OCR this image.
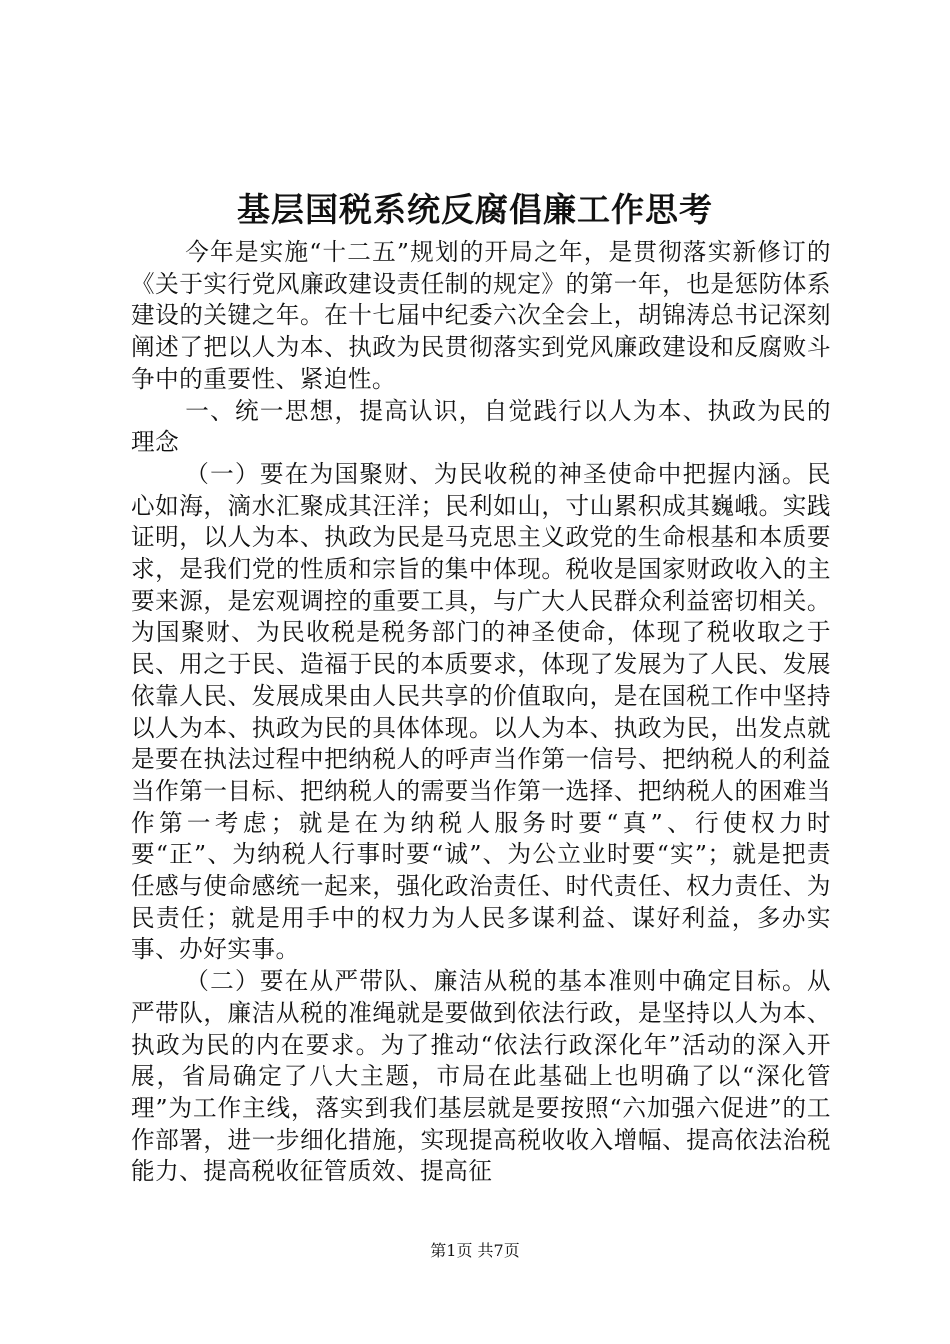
基层国税系统反腐倡廉工作思考

今年是实施“十二五”规划的开局之年，是贯彻落实新修订的《关于实行党风廉政建设责任制的规定》的第一年，也是惩防体系建设的关键之年。在十七届中纪委六次全会上，胡锦涛总书记深刻阐述了把以人为本、执政为民贯彻落实到党风廉政建设和反腐败斗争中的重要性、紧迫性。

一、统一思想，提高认识，自觉践行以人为本、执政为民的理念

（一）要在为国聚财、为民收税的神圣使命中把握内涵。民心如海，滴水汇聚成其汪洋；民利如山，寸山累积成其巍峨。实践证明，以人为本、执政为民是马克思主义政党的生命根基和本质要求，是我们党的性质和宗旨的集中体现。税收是国家财政收入的主要来源，是宏观调控的重要工具，与广大人民群众利益密切相关。为国聚财、为民收税是税务部门的神圣使命，体现了税收取之于民、用之于民、造福于民的本质要求，体现了发展为了人民、发展依靠人民、发展成果由人民共享的价值取向，是在国税工作中坚持以人为本、执政为民的具体体现。以人为本、执政为民，出发点就是要在执法过程中把纳税人的呼声当作第一信号、把纳税人的利益当作第一目标、把纳税人的需要当作第一选择、把纳税人的困难当作第一考虑；就是在为纳税人服务时要“真”、行使权力时要“正”、为纳税人行事时要“诚”、为公立业时要“实”；就是把责任感与使命感统一起来，强化政治责任、时代责任、权力责任、为民责任；就是用手中的权力为人民多谋利益、谋好利益，多办实事、办好实事。

（二）要在从严带队、廉洁从税的基本准则中确定目标。从严带队，廉洁从税的准绳就是要做到依法行政，是坚持以人为本、执政为民的内在要求。为了推动“依法行政深化年”活动的深入开展，省局确定了八大主题，市局在此基础上也明确了以“深化管理”为工作主线，落实到我们基层就是要按照“六加强六促进”的工作部署，进一步细化措施，实现提高税收收入增幅、提高依法治税能力、提高税收征管质效、提高征

第1页 共7页
